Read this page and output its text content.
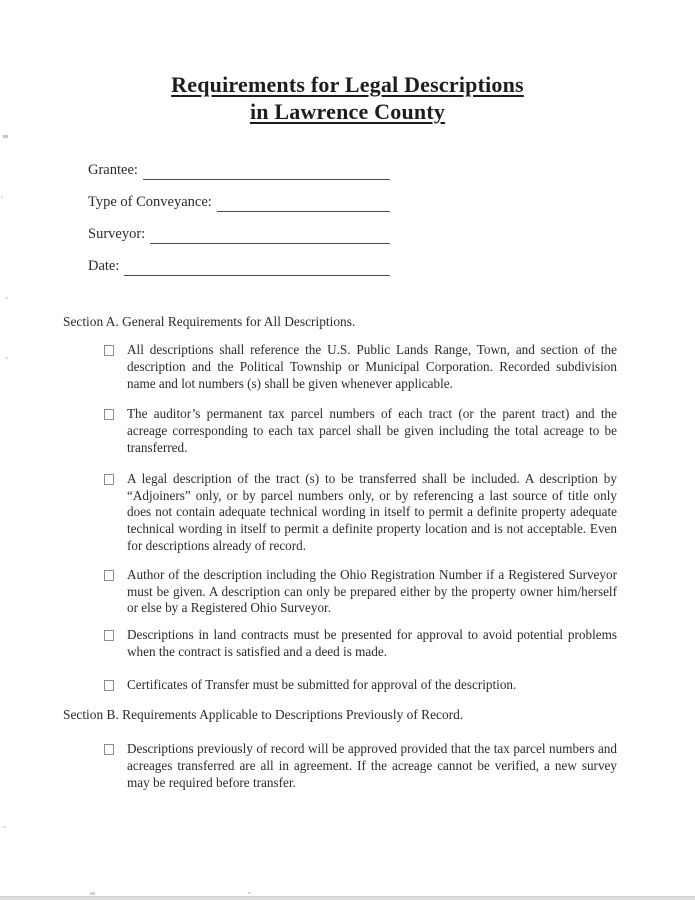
Requirements for Legal Descriptions
in Lawrence County
Grantee:
Type of Conveyance:
Surveyor:
Date:
Section A. General Requirements for All Descriptions.
All descriptions shall reference the U.S. Public Lands Range, Town, and section of the description and the Political Township or Municipal Corporation. Recorded subdivision name and lot numbers (s) shall be given whenever applicable.
The auditor’s permanent tax parcel numbers of each tract (or the parent tract) and the acreage corresponding to each tax parcel shall be given including the total acreage to be transferred.
A legal description of the tract (s) to be transferred shall be included. A description by “Adjoiners” only, or by parcel numbers only, or by referencing a last source of title only does not contain adequate technical wording in itself to permit a definite property adequate technical wording in itself to permit a definite property location and is not acceptable. Even for descriptions already of record.
Author of the description including the Ohio Registration Number if a Registered Surveyor must be given. A description can only be prepared either by the property owner him/herself or else by a Registered Ohio Surveyor.
Descriptions in land contracts must be presented for approval to avoid potential problems when the contract is satisfied and a deed is made.
Certificates of Transfer must be submitted for approval of the description.
Section B. Requirements Applicable to Descriptions Previously of Record.
Descriptions previously of record will be approved provided that the tax parcel numbers and acreages transferred are all in agreement. If the acreage cannot be verified, a new survey may be required before transfer.
